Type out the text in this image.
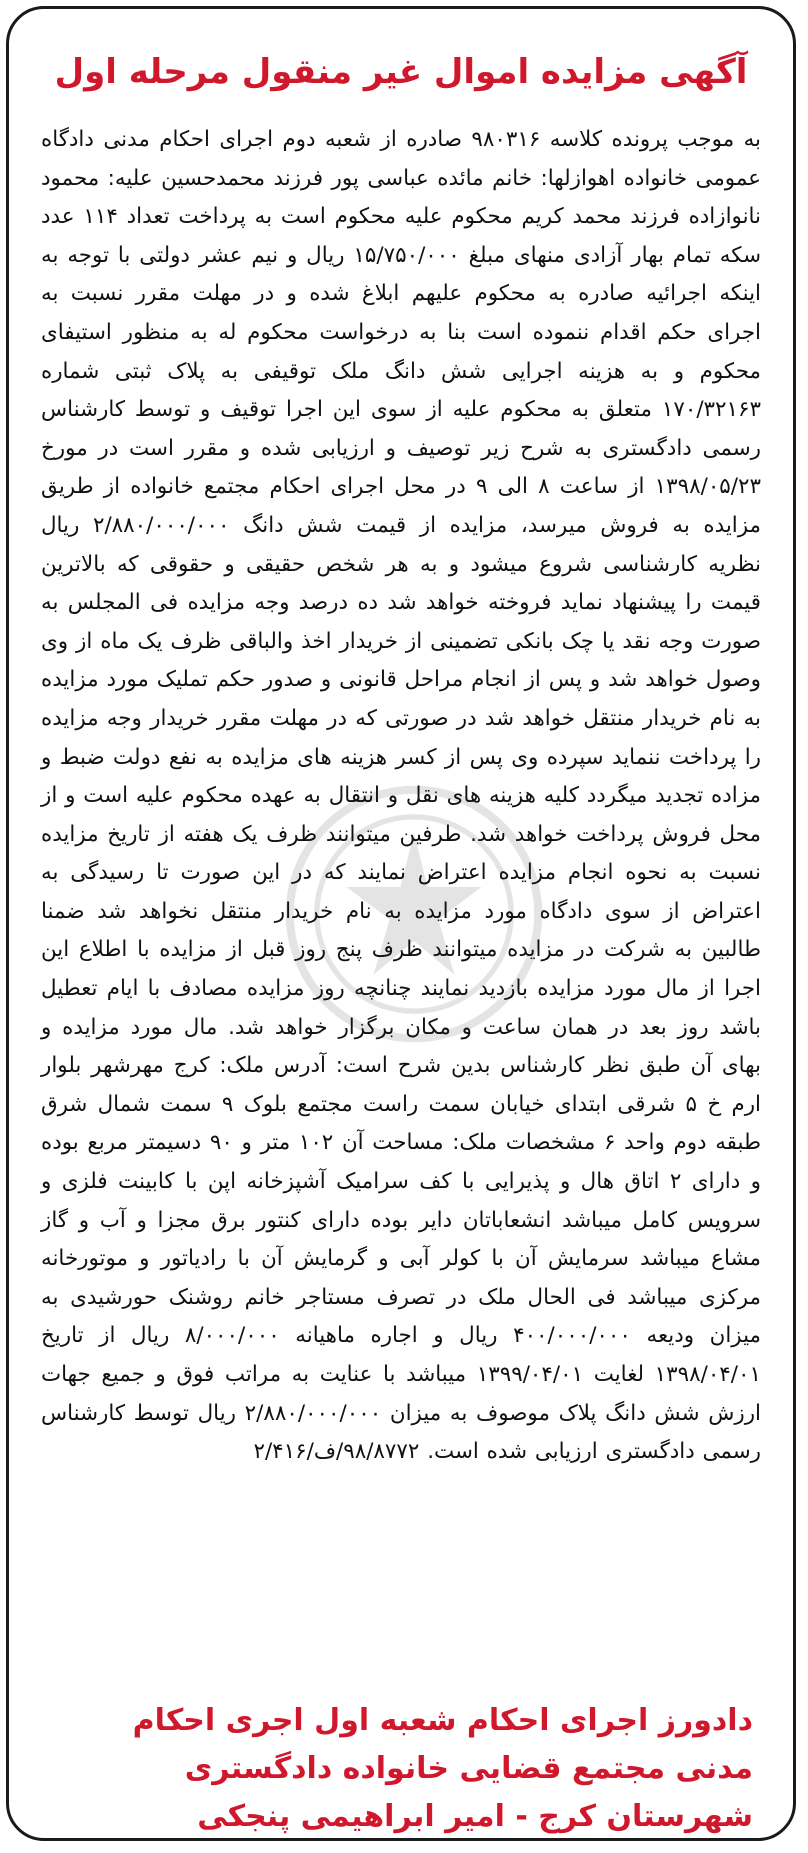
آگهی مزایده اموال غیر منقول مرحله اول

به موجب پرونده کلاسه ۹۸۰۳۱۶ صادره از شعبه دوم اجرای احکام مدنی دادگاه عمومی خانواده اهوازلها: خانم مائده عباسی پور فرزند محمدحسین علیه: محمود نانوازاده فرزند محمد کریم محکوم علیه محکوم است به پرداخت تعداد ۱۱۴ عدد سکه تمام بهار آزادی منهای مبلغ ۱۵/۷۵۰/۰۰۰ ریال و نیم عشر دولتی با توجه به اینکه اجرائیه صادره به محکوم علیهم ابلاغ شده و در مهلت مقرر نسبت به اجرای حکم اقدام ننموده است بنا به درخواست محکوم له به منظور استیفای محکوم و به هزینه اجرایی شش دانگ ملک توقیفی به پلاک ثبتی شماره ۱۷۰/۳۲۱۶۳ متعلق به محکوم علیه از سوی این اجرا توقیف و توسط کارشناس رسمی دادگستری به شرح زیر توصیف و ارزیابی شده و مقرر است در مورخ ۱۳۹۸/۰۵/۲۳ از ساعت ۸ الی ۹ در محل اجرای احکام مجتمع خانواده از طریق مزایده به فروش میرسد، مزایده از قیمت شش دانگ ۲/۸۸۰/۰۰۰/۰۰۰ ریال نظریه کارشناسی شروع میشود و به هر شخص حقیقی و حقوقی که بالاترین قیمت را پیشنهاد نماید فروخته خواهد شد ده درصد وجه مزایده فی المجلس به صورت وجه نقد یا چک بانکی تضمینی از خریدار اخذ والباقی ظرف یک ماه از وی وصول خواهد شد و پس از انجام مراحل قانونی و صدور حکم تملیک مورد مزایده به نام خریدار منتقل خواهد شد در صورتی که در مهلت مقرر خریدار وجه مزایده را پرداخت ننماید سپرده وی پس از کسر هزینه های مزایده به نفع دولت ضبط و مزاده تجدید میگردد کلیه هزینه های نقل و انتقال به عهده محکوم علیه است و از محل فروش پرداخت خواهد شد. طرفین میتوانند ظرف یک هفته از تاریخ مزایده نسبت به نحوه انجام مزایده اعتراض نمایند که در این صورت تا رسیدگی به اعتراض از سوی دادگاه مورد مزایده به نام خریدار منتقل نخواهد شد ضمنا طالبین به شرکت در مزایده میتوانند ظرف پنج روز قبل از مزایده با اطلاع این اجرا از مال مورد مزایده بازدید نمایند چنانچه روز مزایده مصادف با ایام تعطیل باشد روز بعد در همان ساعت و مکان برگزار خواهد شد. مال مورد مزایده و بهای آن طبق نظر کارشناس بدین شرح است: آدرس ملک: کرج مهرشهر بلوار ارم خ ۵ شرقی ابتدای خیابان سمت راست مجتمع بلوک ۹ سمت شمال شرق طبقه دوم واحد ۶ مشخصات ملک: مساحت آن ۱۰۲ متر و ۹۰ دسیمتر مربع بوده و دارای ۲ اتاق هال و پذیرایی با کف سرامیک آشپزخانه اپن با کابینت فلزی و سرویس کامل میباشد انشعاباتان دایر بوده دارای کنتور برق مجزا و آب و گاز مشاع میباشد سرمایش آن با کولر آبی و گرمایش آن با رادیاتور و موتورخانه مرکزی میباشد فی الحال ملک در تصرف مستاجر خانم روشنک حورشیدی به میزان ودیعه ۴۰۰/۰۰۰/۰۰۰ ریال و اجاره ماهیانه ۸/۰۰۰/۰۰۰ ریال از تاریخ ۱۳۹۸/۰۴/۰۱ لغایت ۱۳۹۹/۰۴/۰۱ میباشد با عنایت به مراتب فوق و جمیع جهات ارزش شش دانگ پلاک موصوف به میزان ۲/۸۸۰/۰۰۰/۰۰۰ ریال توسط کارشناس رسمی دادگستری ارزیابی شده است. ۹۸/۸۷۷۲/ف/۲/۴۱۶

دادورز اجرای احکام شعبه اول اجری احکام
مدنی مجتمع قضایی خانواده دادگستری
شهرستان کرج - امیر ابراهیمی پنجکی
